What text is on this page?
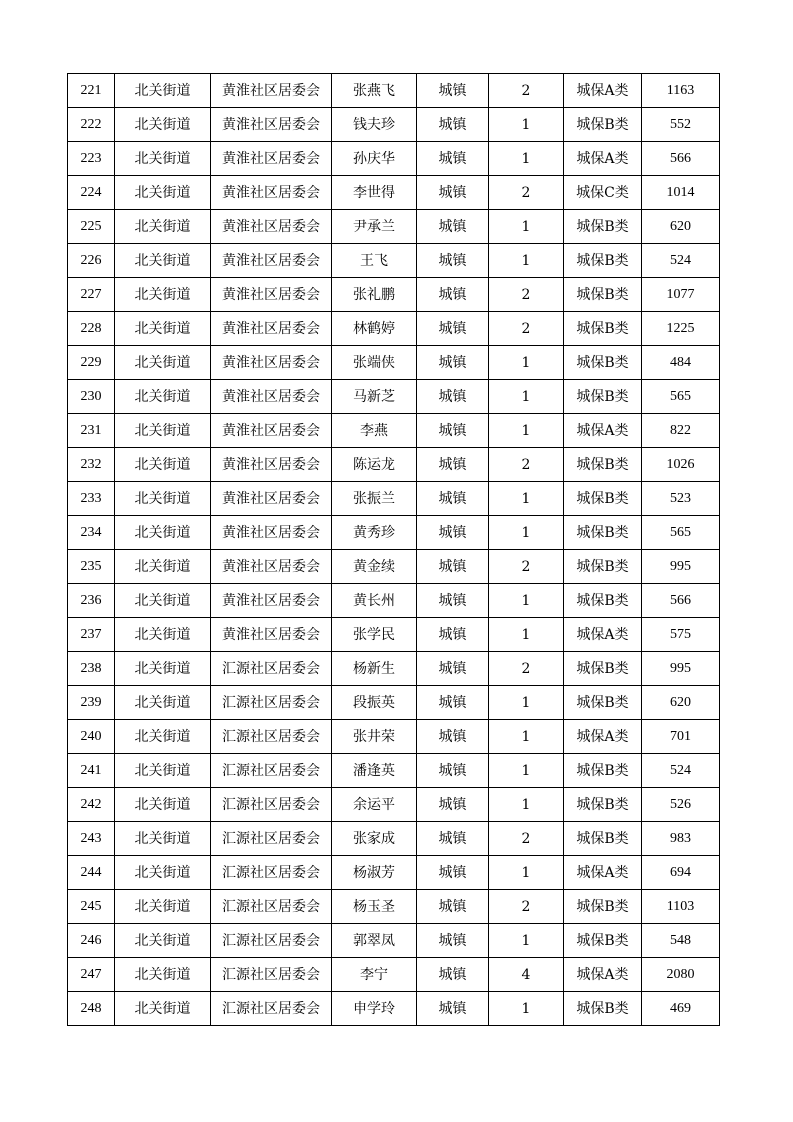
221	北关街道	黄淮社区居委会	张燕飞	城镇	2	城保A类	1163
222	北关街道	黄淮社区居委会	钱夫珍	城镇	1	城保B类	552
223	北关街道	黄淮社区居委会	孙庆华	城镇	1	城保A类	566
224	北关街道	黄淮社区居委会	李世得	城镇	2	城保C类	1014
225	北关街道	黄淮社区居委会	尹承兰	城镇	1	城保B类	620
226	北关街道	黄淮社区居委会	王飞	城镇	1	城保B类	524
227	北关街道	黄淮社区居委会	张礼鹏	城镇	2	城保B类	1077
228	北关街道	黄淮社区居委会	林鹤婷	城镇	2	城保B类	1225
229	北关街道	黄淮社区居委会	张端侠	城镇	1	城保B类	484
230	北关街道	黄淮社区居委会	马新芝	城镇	1	城保B类	565
231	北关街道	黄淮社区居委会	李燕	城镇	1	城保A类	822
232	北关街道	黄淮社区居委会	陈运龙	城镇	2	城保B类	1026
233	北关街道	黄淮社区居委会	张振兰	城镇	1	城保B类	523
234	北关街道	黄淮社区居委会	黄秀珍	城镇	1	城保B类	565
235	北关街道	黄淮社区居委会	黄金续	城镇	2	城保B类	995
236	北关街道	黄淮社区居委会	黄长州	城镇	1	城保B类	566
237	北关街道	黄淮社区居委会	张学民	城镇	1	城保A类	575
238	北关街道	汇源社区居委会	杨新生	城镇	2	城保B类	995
239	北关街道	汇源社区居委会	段振英	城镇	1	城保B类	620
240	北关街道	汇源社区居委会	张井荣	城镇	1	城保A类	701
241	北关街道	汇源社区居委会	潘逢英	城镇	1	城保B类	524
242	北关街道	汇源社区居委会	余运平	城镇	1	城保B类	526
243	北关街道	汇源社区居委会	张家成	城镇	2	城保B类	983
244	北关街道	汇源社区居委会	杨淑芳	城镇	1	城保A类	694
245	北关街道	汇源社区居委会	杨玉圣	城镇	2	城保B类	1103
246	北关街道	汇源社区居委会	郭翠凤	城镇	1	城保B类	548
247	北关街道	汇源社区居委会	李宁	城镇	4	城保A类	2080
248	北关街道	汇源社区居委会	申学玲	城镇	1	城保B类	469
